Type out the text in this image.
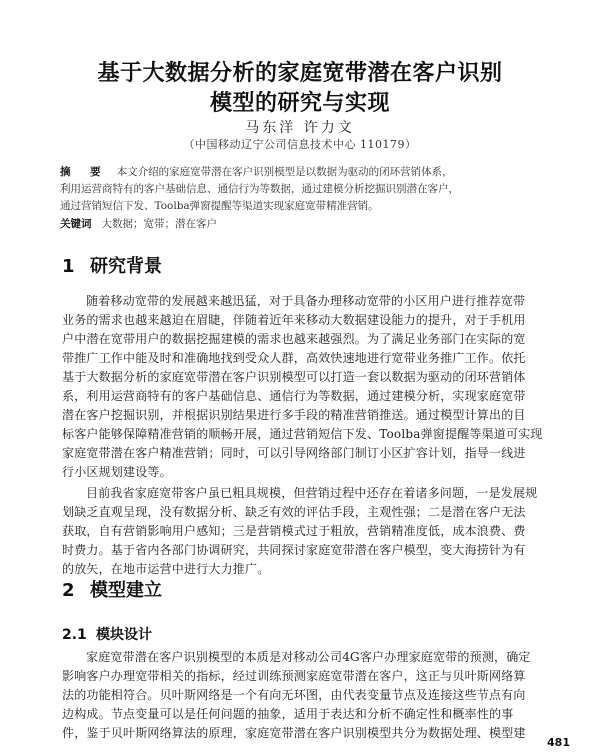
基于大数据分析的家庭宽带潜在客户识别
模型的研究与实现
马东洋 许力文
（中国移动辽宁公司信息技术中心 110179）
摘 要 本文介绍的家庭宽带潜在客户识别模型是以数据为驱动的闭环营销体系，
利用运营商特有的客户基础信息、通信行为等数据，通过建模分析挖掘识别潜在客户，
通过营销短信下发、Toolba弹窗提醒等渠道实现家庭宽带精准营销。
关键词 大数据；宽带；潜在客户
1 研究背景
随着移动宽带的发展越来越迅猛，对于具备办理移动宽带的小区用户进行推荐宽带
业务的需求也越来越迫在眉睫，伴随着近年来移动大数据建设能力的提升，对于手机用
户中潜在宽带用户的数据挖掘建模的需求也越来越强烈。为了满足业务部门在实际的宽
带推广工作中能及时和准确地找到受众人群，高效快速地进行宽带业务推广工作。依托
基于大数据分析的家庭宽带潜在客户识别模型可以打造一套以数据为驱动的闭环营销体
系，利用运营商特有的客户基础信息、通信行为等数据，通过建模分析，实现家庭宽带
潜在客户挖掘识别，并根据识别结果进行多手段的精准营销推送。通过模型计算出的目
标客户能够保障精准营销的顺畅开展，通过营销短信下发、Toolba弹窗提醒等渠道可实现
家庭宽带潜在客户精准营销；同时，可以引导网络部门制订小区扩容计划，指导一线进
行小区规划建设等。
目前我省家庭宽带客户虽已粗具规模，但营销过程中还存在着诸多问题，一是发展规
划缺乏直观呈现，没有数据分析、缺乏有效的评估手段，主观性强；二是潜在客户无法
获取，自有营销影响用户感知；三是营销模式过于粗放，营销精准度低，成本浪费、费
时费力。基于省内各部门协调研究，共同探讨家庭宽带潜在客户模型，变大海捞针为有
的放矢，在地市运营中进行大力推广。
2 模型建立
2.1 模块设计
家庭宽带潜在客户识别模型的本质是对移动公司4G客户办理家庭宽带的预测，确定
影响客户办理宽带相关的指标，经过训练预测家庭宽带潜在客户，这正与贝叶斯网络算
法的功能相符合。贝叶斯网络是一个有向无环图，由代表变量节点及连接这些节点有向
边构成。节点变量可以是任何问题的抽象，适用于表达和分析不确定性和概率性的事
件，鉴于贝叶斯网络算法的原理，家庭宽带潜在客户识别模型共分为数据处理、模型建
481
